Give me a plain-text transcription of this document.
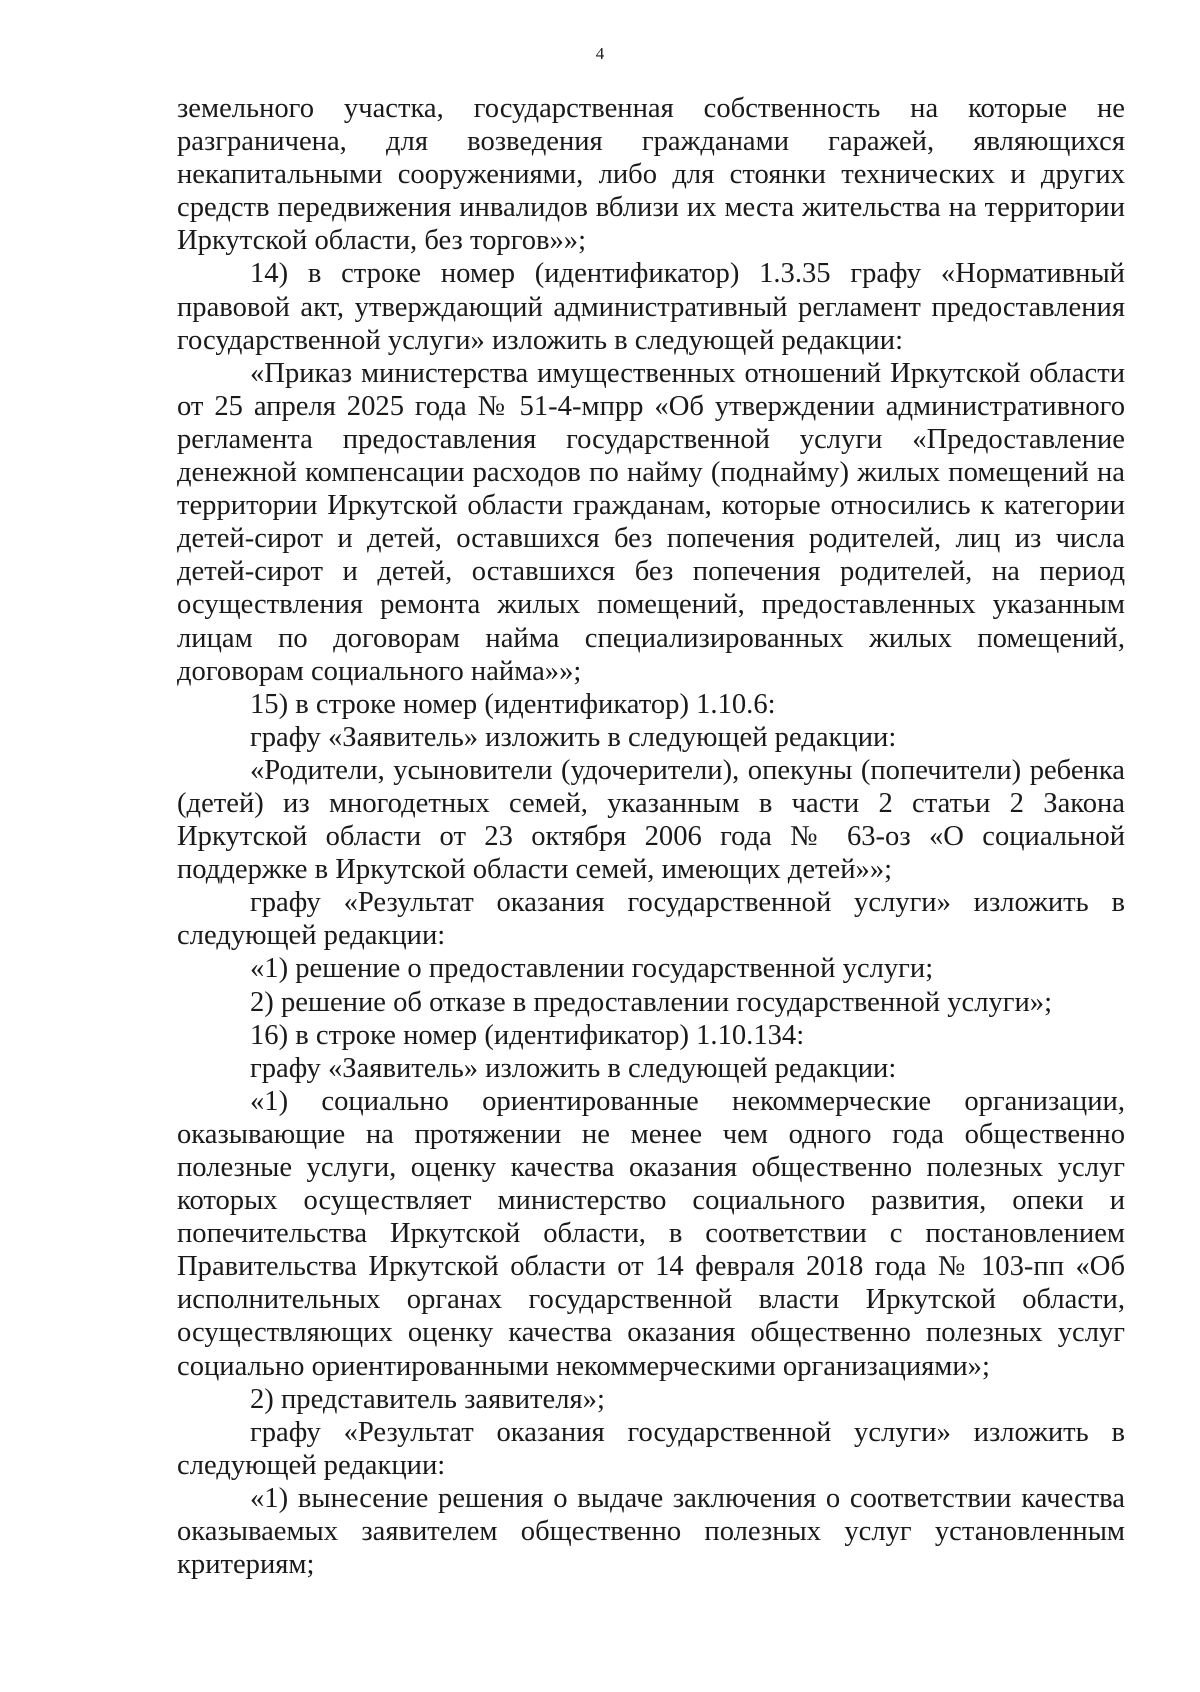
4

земельного участка, государственная собственность на которые не разграничена, для возведения гражданами гаражей, являющихся некапитальными сооружениями, либо для стоянки технических и других средств передвижения инвалидов вблизи их места жительства на территории Иркутской области, без торгов»»;

14) в строке номер (идентификатор) 1.3.35 графу «Нормативный правовой акт, утверждающий административный регламент предоставления государственной услуги» изложить в следующей редакции:

«Приказ министерства имущественных отношений Иркутской области от 25 апреля 2025 года № 51-4-мпрр «Об утверждении административного регламента предоставления государственной услуги «Предоставление денежной компенсации расходов по найму (поднайму) жилых помещений на территории Иркутской области гражданам, которые относились к категории детей-сирот и детей, оставшихся без попечения родителей, лиц из числа детей-сирот и детей, оставшихся без попечения родителей, на период осуществления ремонта жилых помещений, предоставленных указанным лицам по договорам найма специализированных жилых помещений, договорам социального найма»»;

15) в строке номер (идентификатор) 1.10.6:

графу «Заявитель» изложить в следующей редакции:

«Родители, усыновители (удочерители), опекуны (попечители) ребенка (детей) из многодетных семей, указанным в части 2 статьи 2 Закона Иркутской области от 23 октября 2006 года № 63-оз «О социальной поддержке в Иркутской области семей, имеющих детей»»;

графу «Результат оказания государственной услуги» изложить в следующей редакции:

«1) решение о предоставлении государственной услуги;

2) решение об отказе в предоставлении государственной услуги»;

16) в строке номер (идентификатор) 1.10.134:

графу «Заявитель» изложить в следующей редакции:

«1) социально ориентированные некоммерческие организации, оказывающие на протяжении не менее чем одного года общественно полезные услуги, оценку качества оказания общественно полезных услуг которых осуществляет министерство социального развития, опеки и попечительства Иркутской области, в соответствии с постановлением Правительства Иркутской области от 14 февраля 2018 года № 103-пп «Об исполнительных органах государственной власти Иркутской области, осуществляющих оценку качества оказания общественно полезных услуг социально ориентированными некоммерческими организациями»;

2) представитель заявителя»;

графу «Результат оказания государственной услуги» изложить в следующей редакции:

«1) вынесение решения о выдаче заключения о соответствии качества оказываемых заявителем общественно полезных услуг установленным критериям;
